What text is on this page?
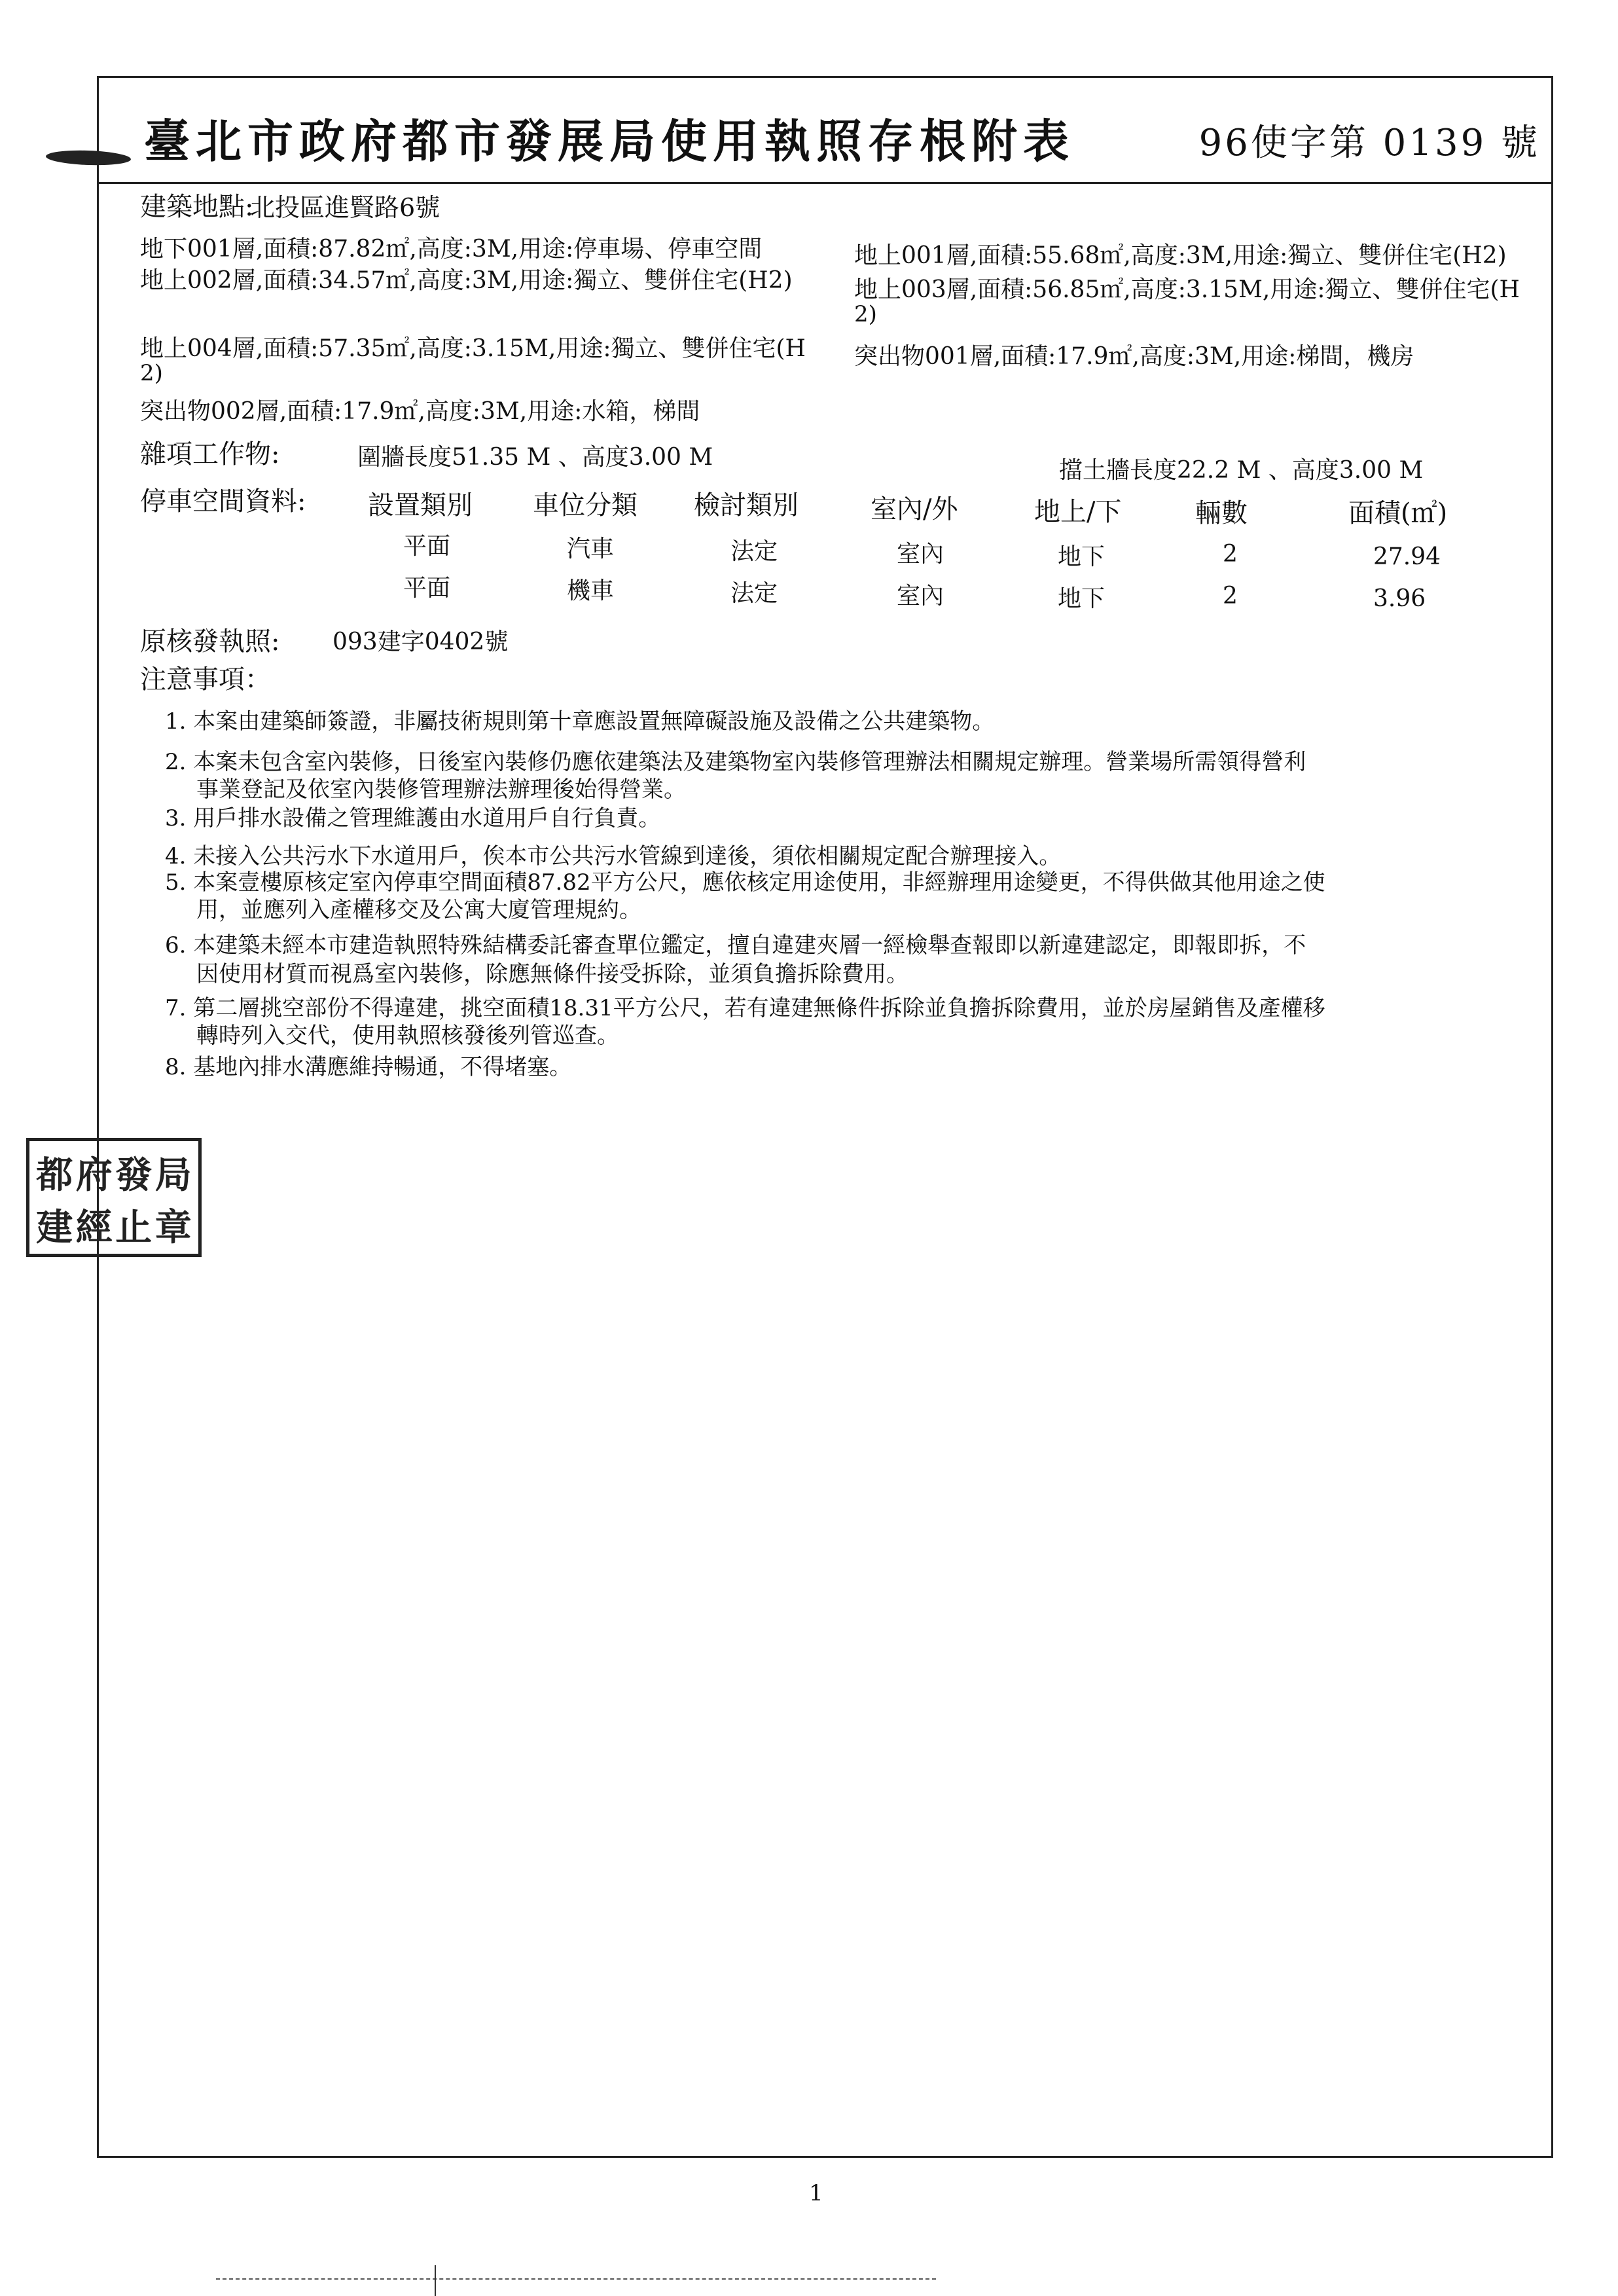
臺北市政府都市發展局使用執照存根附表	96使字第 0139 號
建築地點:
北投區進賢路6號
地下001層,面積:87.82㎡,高度:3M,用途:停車場、停車空間	地上001層,面積:55.68㎡,高度:3M,用途:獨立、雙併住宅(H2)
地上002層,面積:34.57㎡,高度:3M,用途:獨立、雙併住宅(H2)	地上003層,面積:56.85㎡,高度:3.15M,用途:獨立、雙併住宅(H
2)
地上004層,面積:57.35㎡,高度:3.15M,用途:獨立、雙併住宅(H 突出物001層,面積:17.9㎡,高度:3M,用途:梯間，機房
2)
突出物002層,面積:17.9㎡,高度:3M,用途:水箱，梯間
雜項工作物:	圍牆長度51.35 M 、高度3.00 M	擋土牆長度22.2 M 、高度3.00 M
停車空間資料: 設置類別 車位分類 檢討類別	室內/外	地上/下	輛數	面積(㎡)
平面	汽車	法定	室內	地下	2	27.94
平面	機車	法定	室內	地下	2	3.96
原核發執照: 093建字0402號
注意事項：
1. 本案由建築師簽證，非屬技術規則第十章應設置無障礙設施及設備之公共建築物。
2. 本案未包含室內裝修，日後室內裝修仍應依建築法及建築物室內裝修管理辦法相關規定辦理。營業場所需領得營利
事業登記及依室內裝修管理辦法辦理後始得營業。
3. 用戶排水設備之管理維護由水道用戶自行負責。
4. 未接入公共污水下水道用戶，俟本市公共污水管線到達後，須依相關規定配合辦理接入。
5. 本案壹樓原核定室內停車空間面積87.82平方公尺，應依核定用途使用，非經辦理用途變更，不得供做其他用途之使
用，並應列入產權移交及公寓大廈管理規約。
6. 本建築未經本市建造執照特殊結構委託審查單位鑑定，擅自違建夾層一經檢舉查報即以新違建認定，即報即拆，不
因使用材質而視爲室內裝修，除應無條件接受拆除，並須負擔拆除費用。
7. 第二層挑空部份不得違建，挑空面積18.31平方公尺，若有違建無條件拆除並負擔拆除費用，並於房屋銷售及產權移
轉時列入交代，使用執照核發後列管巡查。
8. 基地內排水溝應維持暢通，不得堵塞。
都 府 發 局
建 經 止 章
1
